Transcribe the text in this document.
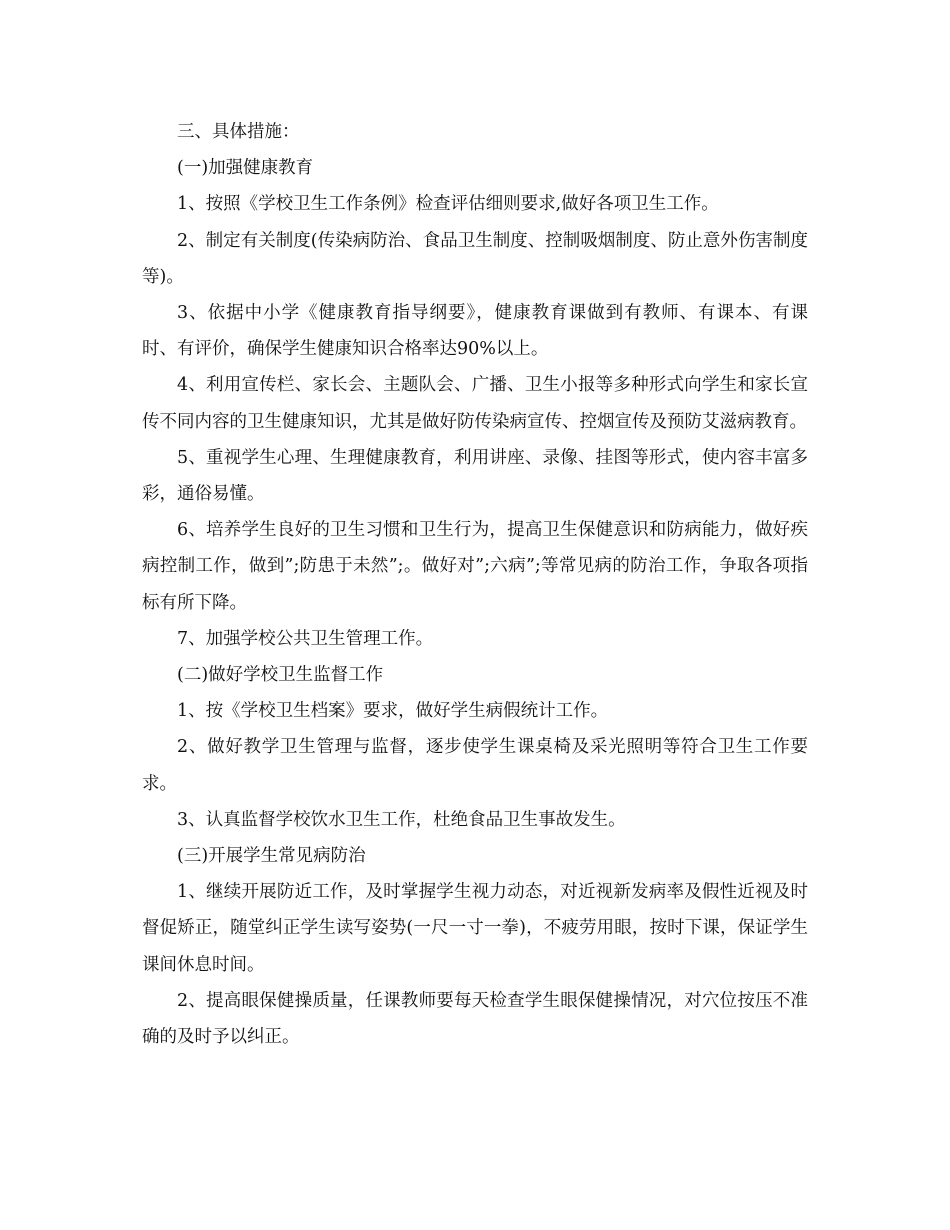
三、具体措施：

(一)加强健康教育

1、按照《学校卫生工作条例》检查评估细则要求,做好各项卫生工作。

2、制定有关制度(传染病防治、食品卫生制度、控制吸烟制度、防止意外伤害制度等)。

3、依据中小学《健康教育指导纲要》，健康教育课做到有教师、有课本、有课时、有评价，确保学生健康知识合格率达90%以上。

4、利用宣传栏、家长会、主题队会、广播、卫生小报等多种形式向学生和家长宣传不同内容的卫生健康知识，尤其是做好防传染病宣传、控烟宣传及预防艾滋病教育。

5、重视学生心理、生理健康教育，利用讲座、录像、挂图等形式，使内容丰富多彩，通俗易懂。

6、培养学生良好的卫生习惯和卫生行为，提高卫生保健意识和防病能力，做好疾病控制工作，做到”;防患于未然”;。做好对”;六病”;等常见病的防治工作，争取各项指标有所下降。

7、加强学校公共卫生管理工作。

(二)做好学校卫生监督工作

1、按《学校卫生档案》要求，做好学生病假统计工作。

2、做好教学卫生管理与监督，逐步使学生课桌椅及采光照明等符合卫生工作要求。

3、认真监督学校饮水卫生工作，杜绝食品卫生事故发生。

(三)开展学生常见病防治

1、继续开展防近工作，及时掌握学生视力动态，对近视新发病率及假性近视及时督促矫正，随堂纠正学生读写姿势(一尺一寸一拳)，不疲劳用眼，按时下课，保证学生课间休息时间。

2、提高眼保健操质量，任课教师要每天检查学生眼保健操情况，对穴位按压不准确的及时予以纠正。
